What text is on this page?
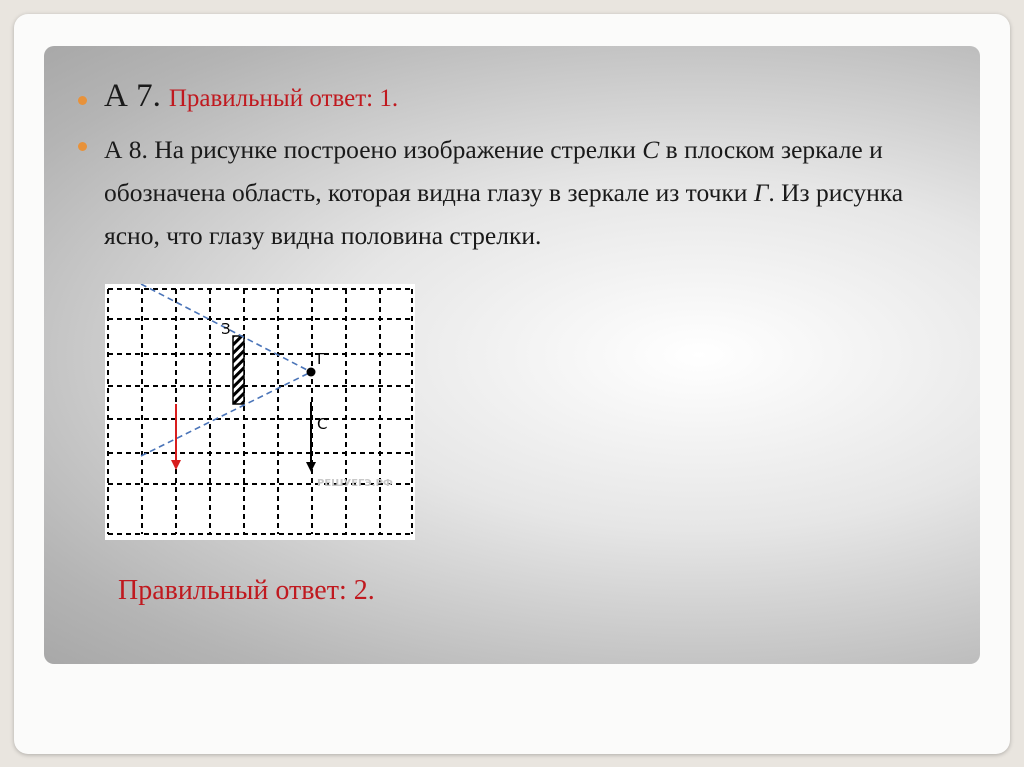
А 7. Правильный ответ: 1.
А 8. На рисунке построено изображение стрелки С в плоском зеркале и обозначена область, которая видна глазу в зеркале из точки Г. Из рисунка ясно, что глазу видна половина стрелки.
З
Г
С
РЕШУЕГЭ.РФ
Правильный ответ: 2.
